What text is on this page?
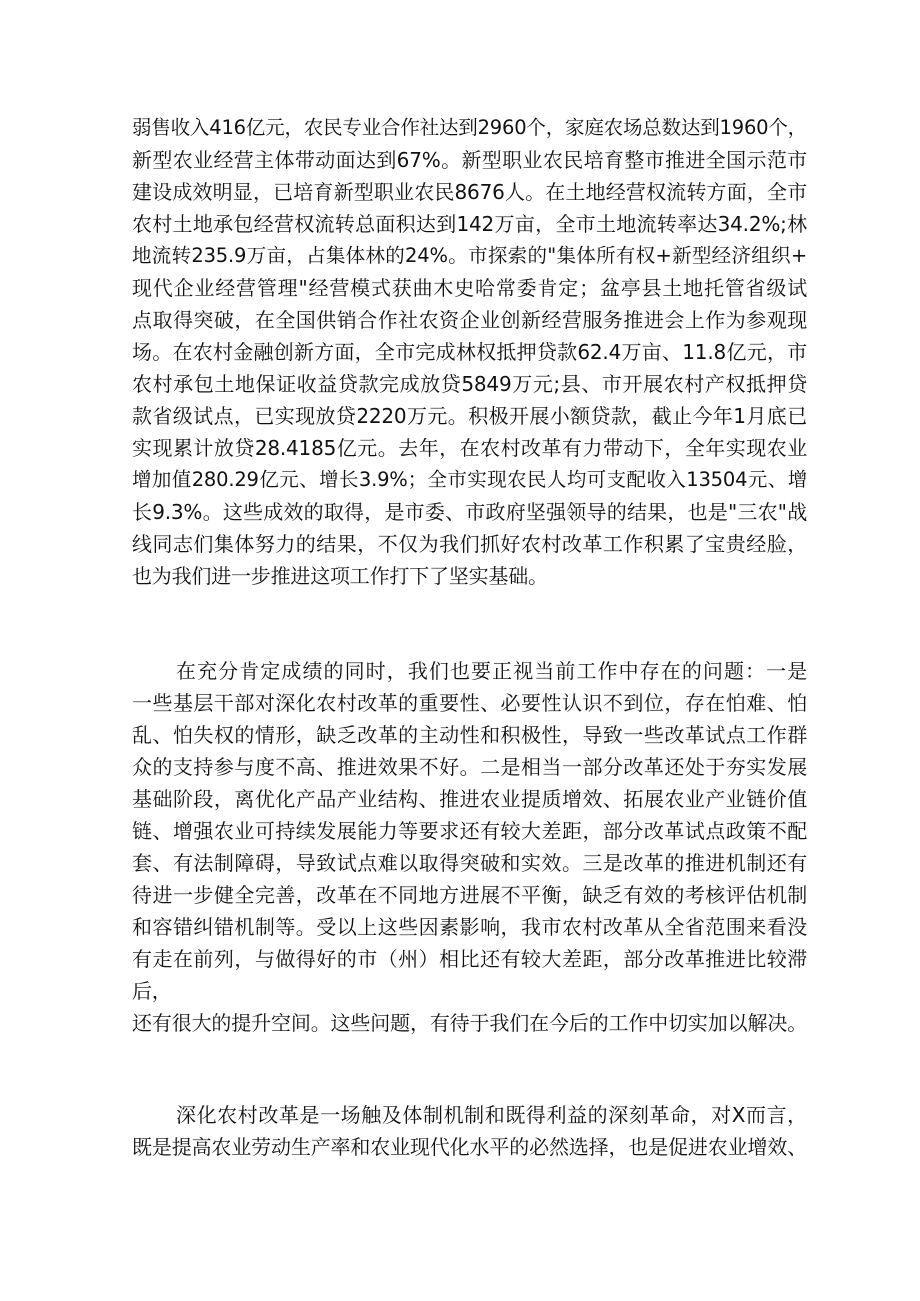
弱售收入416亿元，农民专业合作社达到2960个，家庭农场总数达到1960个，
新型农业经营主体带动面达到67%。新型职业农民培育整市推进全国示范市
建设成效明显，已培育新型职业农民8676人。在土地经营权流转方面，全市
农村土地承包经营权流转总面积达到142万亩，全市土地流转率达34.2%;林
地流转235.9万亩，占集体林的24%。市探索的"集体所有权+新型经济组织+
现代企业经营管理"经营模式获曲木史哈常委肯定；盆亭县土地托管省级试
点取得突破，在全国供销合作社农资企业创新经营服务推进会上作为参观现
场。在农村金融创新方面，全市完成林权抵押贷款62.4万亩、11.8亿元，市
农村承包土地保证收益贷款完成放贷5849万元;县、市开展农村产权抵押贷
款省级试点，已实现放贷2220万元。积极开展小额贷款，截止今年1月底已
实现累计放贷28.4185亿元。去年，在农村改革有力带动下，全年实现农业
增加值280.29亿元、增长3.9%；全市实现农民人均可支配收入13504元、增
长9.3%。这些成效的取得，是市委、市政府坚强领导的结果，也是"三农"战
线同志们集体努力的结果，不仅为我们抓好农村改革工作积累了宝贵经脸，
也为我们进一步推进这项工作打下了坚实基础。
在充分肯定成绩的同时，我们也要正视当前工作中存在的问题：一是
一些基层干部对深化农村改革的重要性、必要性认识不到位，存在怕难、怕
乱、怕失权的情形，缺乏改革的主动性和积极性，导致一些改革试点工作群
众的支持参与度不高、推进效果不好。二是相当一部分改革还处于夯实发展
基础阶段，离优化产品产业结构、推进农业提质增效、拓展农业产业链价值
链、增强农业可持续发展能力等要求还有较大差距，部分改革试点政策不配
套、有法制障碍，导致试点难以取得突破和实效。三是改革的推进机制还有
待进一步健全完善，改革在不同地方进展不平衡，缺乏有效的考核评估机制
和容错纠错机制等。受以上这些因素影响，我市农村改革从全省范围来看没
有走在前列，与做得好的市（州）相比还有较大差距，部分改革推进比较滞
后，
还有很大的提升空间。这些问题，有待于我们在今后的工作中切实加以解决。
深化农村改革是一场触及体制机制和既得利益的深刻革命，对X而言，
既是提高农业劳动生产率和农业现代化水平的必然选择，也是促进农业增效、
